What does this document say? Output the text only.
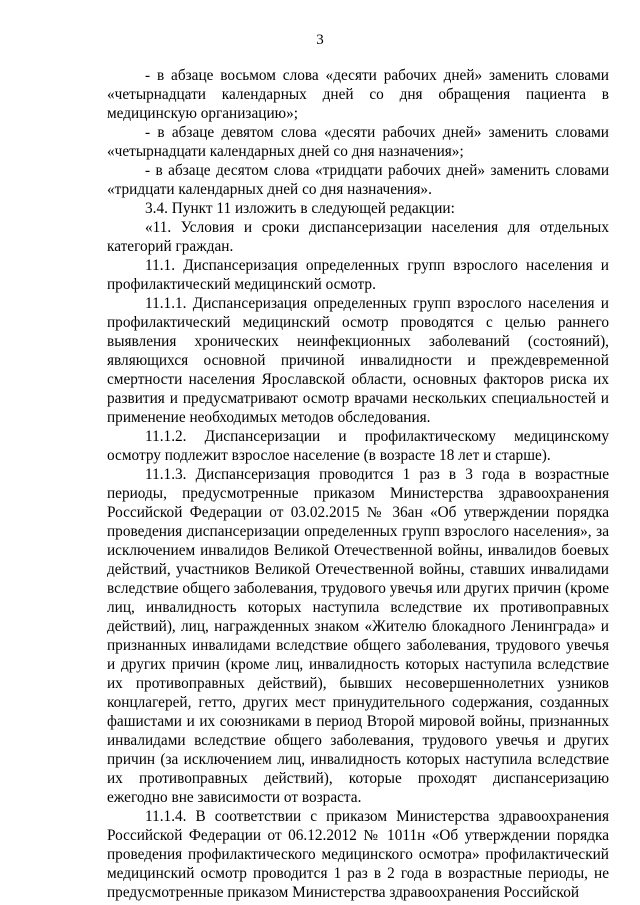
3

- в абзаце восьмом слова «десяти рабочих дней» заменить словами «четырнадцати календарных дней со дня обращения пациента в медицинскую организацию»;

- в абзаце девятом слова «десяти рабочих дней» заменить словами «четырнадцати календарных дней со дня назначения»;

- в абзаце десятом слова «тридцати рабочих дней» заменить словами «тридцати календарных дней со дня назначения».

3.4. Пункт 11 изложить в следующей редакции:

«11. Условия и сроки диспансеризации населения для отдельных категорий граждан.

11.1. Диспансеризация определенных групп взрослого населения и профилактический медицинский осмотр.

11.1.1. Диспансеризация определенных групп взрослого населения и профилактический медицинский осмотр проводятся с целью раннего выявления хронических неинфекционных заболеваний (состояний), являющихся основной причиной инвалидности и преждевременной смертности населения Ярославской области, основных факторов риска их развития и предусматривают осмотр врачами нескольких специальностей и применение необходимых методов обследования.

11.1.2. Диспансеризации и профилактическому медицинскому осмотру подлежит взрослое население (в возрасте 18 лет и старше).

11.1.3. Диспансеризация проводится 1 раз в 3 года в возрастные периоды, предусмотренные приказом Министерства здравоохранения Российской Федерации от 03.02.2015 № 36ан «Об утверждении порядка проведения диспансеризации определенных групп взрослого населения», за исключением инвалидов Великой Отечественной войны, инвалидов боевых действий, участников Великой Отечественной войны, ставших инвалидами вследствие общего заболевания, трудового увечья или других причин (кроме лиц, инвалидность которых наступила вследствие их противоправных действий), лиц, награжденных знаком «Жителю блокадного Ленинграда» и признанных инвалидами вследствие общего заболевания, трудового увечья и других причин (кроме лиц, инвалидность которых наступила вследствие их противоправных действий), бывших несовершеннолетних узников концлагерей, гетто, других мест принудительного содержания, созданных фашистами и их союзниками в период Второй мировой войны, признанных инвалидами вследствие общего заболевания, трудового увечья и других причин (за исключением лиц, инвалидность которых наступила вследствие их противоправных действий), которые проходят диспансеризацию ежегодно вне зависимости от возраста.

11.1.4. В соответствии с приказом Министерства здравоохранения Российской Федерации от 06.12.2012 № 1011н «Об утверждении порядка проведения профилактического медицинского осмотра» профилактический медицинский осмотр проводится 1 раз в 2 года в возрастные периоды, не предусмотренные приказом Министерства здравоохранения Российской
